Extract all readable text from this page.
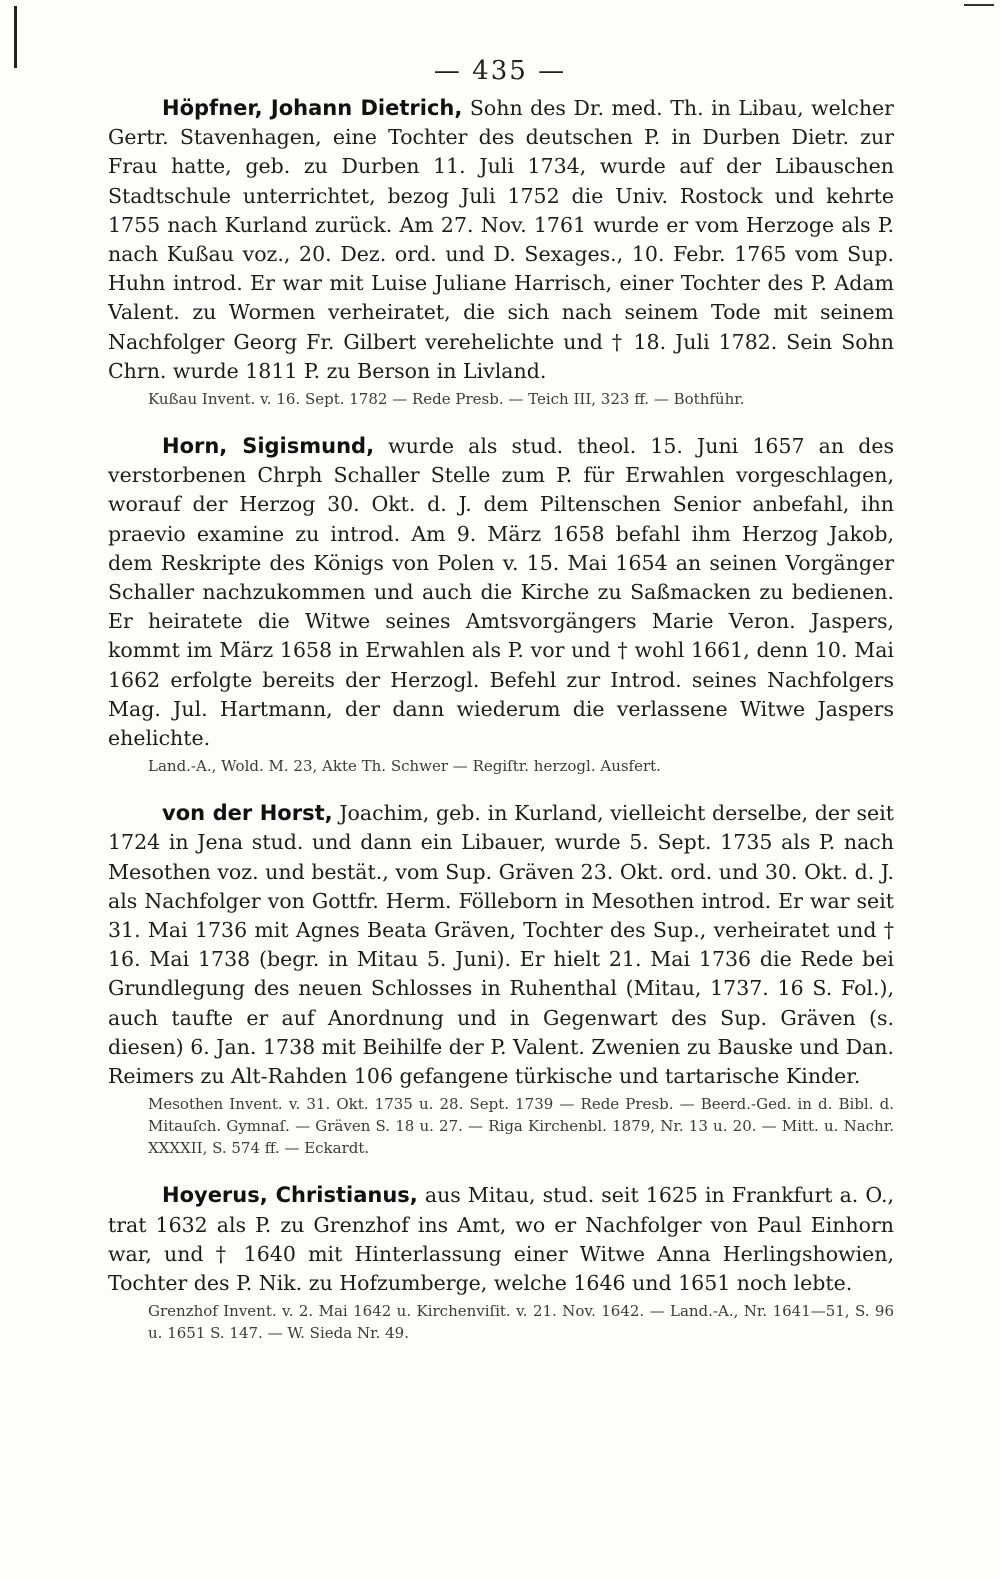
— 435 —

Höpfner, Johann Dietrich, Sohn des Dr. med. Th. in Libau, welcher Gertr. Stavenhagen, eine Tochter des deutschen P. in Durben Dietr. zur Frau hatte, geb. zu Durben 11. Juli 1734, wurde auf der Libauschen Stadtschule unterrichtet, bezog Juli 1752 die Univ. Rostock und kehrte 1755 nach Kurland zurück. Am 27. Nov. 1761 wurde er vom Herzoge als P. nach Kußau voz., 20. Dez. ord. und D. Sexages., 10. Febr. 1765 vom Sup. Huhn introd. Er war mit Luise Juliane Harrisch, einer Tochter des P. Adam Valent. zu Wormen verheiratet, die sich nach seinem Tode mit seinem Nachfolger Georg Fr. Gilbert verehelichte und † 18. Juli 1782. Sein Sohn Chrn. wurde 1811 P. zu Berson in Livland.

Kußau Invent. v. 16. Sept. 1782 — Rede Presb. — Teich III, 323 ff. — Bothführ.

Horn, Sigismund, wurde als stud. theol. 15. Juni 1657 an des verstorbenen Chrph Schaller Stelle zum P. für Erwahlen vorgeschlagen, worauf der Herzog 30. Okt. d. J. dem Piltenschen Senior anbefahl, ihn praevio examine zu introd. Am 9. März 1658 befahl ihm Herzog Jakob, dem Reskripte des Königs von Polen v. 15. Mai 1654 an seinen Vorgänger Schaller nachzukommen und auch die Kirche zu Saßmacken zu bedienen. Er heiratete die Witwe seines Amtsvorgängers Marie Veron. Jaspers, kommt im März 1658 in Erwahlen als P. vor und † wohl 1661, denn 10. Mai 1662 erfolgte bereits der Herzogl. Befehl zur Introd. seines Nachfolgers Mag. Jul. Hartmann, der dann wiederum die verlassene Witwe Jaspers ehelichte.

Land.-A., Wold. M. 23, Akte Th. Schwer — Regiſtr. herzogl. Ausfert.

von der Horst, Joachim, geb. in Kurland, vielleicht derselbe, der seit 1724 in Jena stud. und dann ein Libauer, wurde 5. Sept. 1735 als P. nach Mesothen voz. und bestät., vom Sup. Gräven 23. Okt. ord. und 30. Okt. d. J. als Nachfolger von Gottfr. Herm. Fölleborn in Mesothen introd. Er war seit 31. Mai 1736 mit Agnes Beata Gräven, Tochter des Sup., verheiratet und † 16. Mai 1738 (begr. in Mitau 5. Juni). Er hielt 21. Mai 1736 die Rede bei Grundlegung des neuen Schlosses in Ruhenthal (Mitau, 1737. 16 S. Fol.), auch taufte er auf Anordnung und in Gegenwart des Sup. Gräven (s. diesen) 6. Jan. 1738 mit Beihilfe der P. Valent. Zwenien zu Bauske und Dan. Reimers zu Alt-Rahden 106 gefangene türkische und tartarische Kinder.

Mesothen Invent. v. 31. Okt. 1735 u. 28. Sept. 1739 — Rede Presb. — Beerd.-Ged. in d. Bibl. d. Mitauſch. Gymnaſ. — Gräven S. 18 u. 27. — Riga Kirchenbl. 1879, Nr. 13 u. 20. — Mitt. u. Nachr. XXXXII, S. 574 ff. — Eckardt.

Hoyerus, Christianus, aus Mitau, stud. seit 1625 in Frankfurt a. O., trat 1632 als P. zu Grenzhof ins Amt, wo er Nachfolger von Paul Einhorn war, und † 1640 mit Hinterlassung einer Witwe Anna Herlingshowien, Tochter des P. Nik. zu Hofzumberge, welche 1646 und 1651 noch lebte.

Grenzhof Invent. v. 2. Mai 1642 u. Kirchenviſit. v. 21. Nov. 1642. — Land.-A., Nr. 1641—51, S. 96 u. 1651 S. 147. — W. Sieda Nr. 49.
